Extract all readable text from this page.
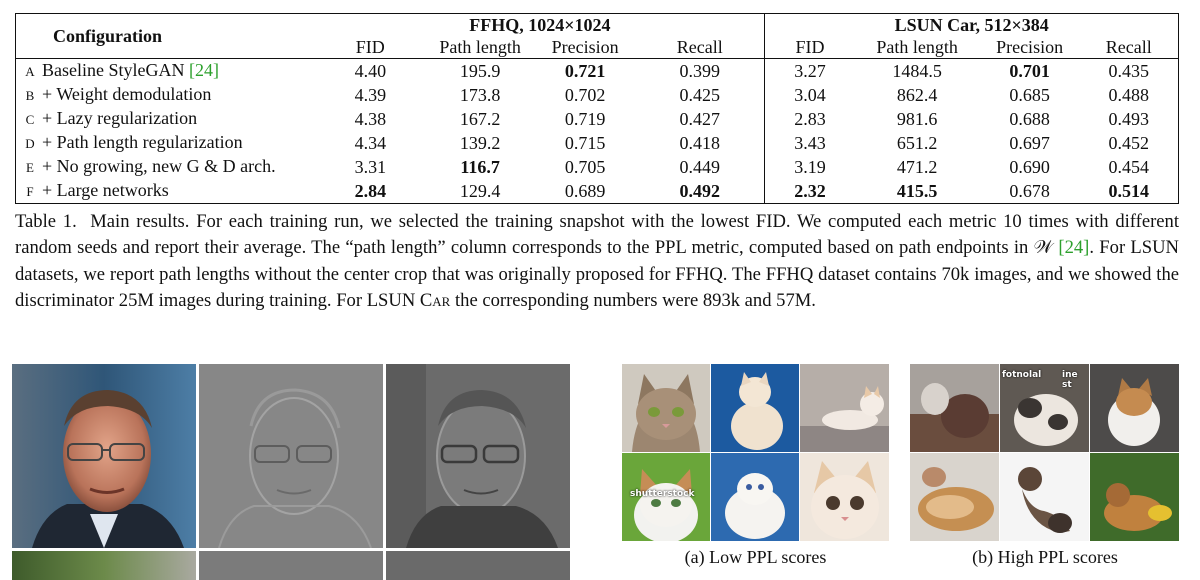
Configuration	FFHQ, 1024×1024				LSUN Car, 512×384			
	FID	Path length	Precision	Recall	FID	Path length	Precision	Recall
A Baseline StyleGAN [24]	4.40	195.9	0.721	0.399	3.27	1484.5	0.701	0.435
B + Weight demodulation	4.39	173.8	0.702	0.425	3.04	862.4	0.685	0.488
C + Lazy regularization	4.38	167.2	0.719	0.427	2.83	981.6	0.688	0.493
D + Path length regularization	4.34	139.2	0.715	0.418	3.43	651.2	0.697	0.452
E + No growing, new G & D arch.	3.31	116.7	0.705	0.449	3.19	471.2	0.690	0.454
F + Large networks	2.84	129.4	0.689	0.492	2.32	415.5	0.678	0.514

Table 1. Main results. For each training run, we selected the training snapshot with the lowest FID. We computed each metric 10 times with different random seeds and report their average. The “path length” column corresponds to the PPL metric, computed based on path endpoints in 𝒲 [24]. For LSUN datasets, we report path lengths without the center crop that was originally proposed for FFHQ. The FFHQ dataset contains 70k images, and we showed the discriminator 25M images during training. For LSUN Car the corresponding numbers were 893k and 57M.

shutterstock
(a) Low PPL scores
fotnolal ine st
(b) High PPL scores
